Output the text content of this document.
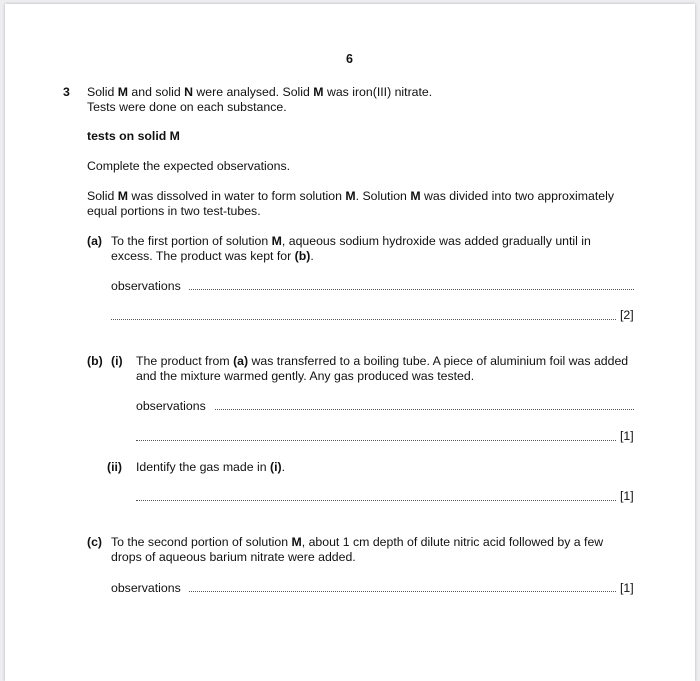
6
3 Solid M and solid N were analysed. Solid M was iron(III) nitrate.
Tests were done on each substance.
tests on solid M
Complete the expected observations.
Solid M was dissolved in water to form solution M. Solution M was divided into two approximately
equal portions in two test-tubes.
(a) To the first portion of solution M, aqueous sodium hydroxide was added gradually until in
excess. The product was kept for (b).
observations
[2]
(b) (i) The product from (a) was transferred to a boiling tube. A piece of aluminium foil was added
and the mixture warmed gently. Any gas produced was tested.
observations
[1]
(ii) Identify the gas made in (i).
[1]
(c) To the second portion of solution M, about 1 cm depth of dilute nitric acid followed by a few
drops of aqueous barium nitrate were added.
observations	[1]
